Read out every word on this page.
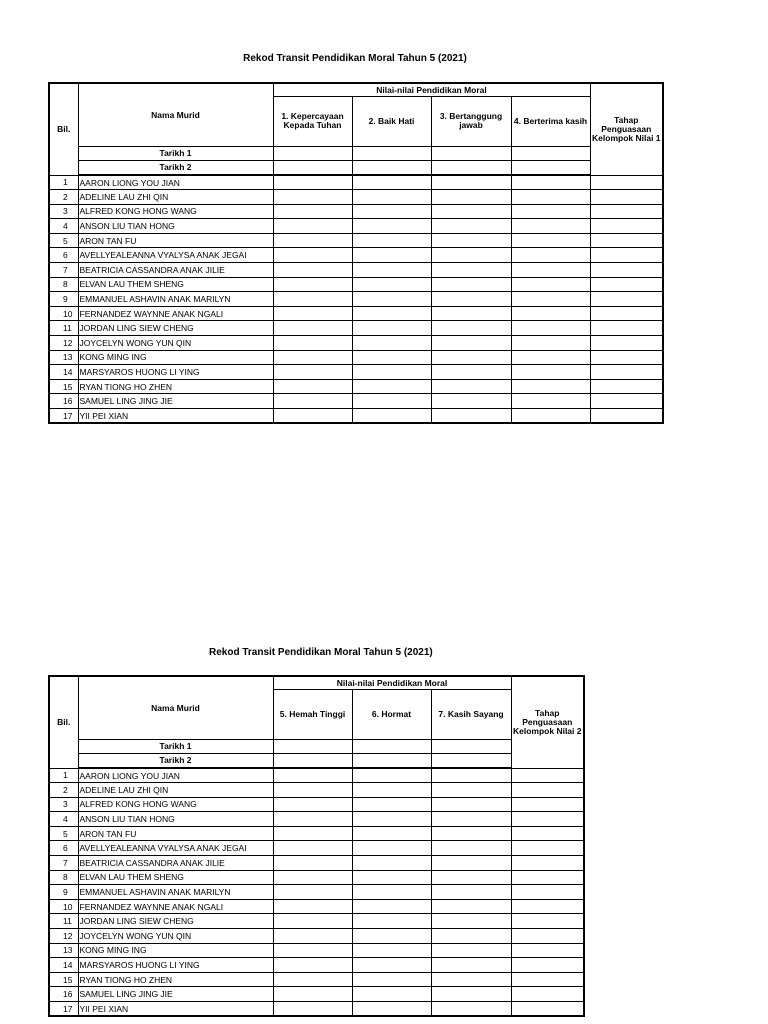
Rekod Transit Pendidikan Moral Tahun 5 (2021)
Bil.	Nama Murid	Nilai-nilai Pendidikan Moral				Tahap Penguasaan Kelompok Nilai 1
		1. Kepercayaan Kepada Tuhan	2. Baik Hati	3. Bertanggung jawab	4. Berterima kasih	
	Tarikh 1					
	Tarikh 2					
1	AARON LIONG YOU JIAN					
2	ADELINE LAU ZHI QIN					
3	ALFRED KONG HONG WANG					
4	ANSON LIU TIAN HONG					
5	ARON TAN FU					
6	AVELLYEALEANNA VYALYSA ANAK JEGAI					
7	BEATRICIA CASSANDRA ANAK JILIE					
8	ELVAN LAU THEM SHENG					
9	EMMANUEL ASHAVIN ANAK MARILYN					
10	FERNANDEZ WAYNNE ANAK NGALI					
11	JORDAN LING SIEW CHENG					
12	JOYCELYN WONG YUN QIN					
13	KONG MING ING					
14	MARSYAROS HUONG LI YING					
15	RYAN TIONG HO ZHEN					
16	SAMUEL LING JING JIE					
17	YII PEI XIAN					
Rekod Transit Pendidikan Moral Tahun 5 (2021)
Bil.	Nama Murid	Nilai-nilai Pendidikan Moral			Tahap Penguasaan Kelompok Nilai 2
		5. Hemah Tinggi	6. Hormat	7. Kasih Sayang	
	Tarikh 1				
	Tarikh 2				
1	AARON LIONG YOU JIAN				
2	ADELINE LAU ZHI QIN				
3	ALFRED KONG HONG WANG				
4	ANSON LIU TIAN HONG				
5	ARON TAN FU				
6	AVELLYEALEANNA VYALYSA ANAK JEGAI				
7	BEATRICIA CASSANDRA ANAK JILIE				
8	ELVAN LAU THEM SHENG				
9	EMMANUEL ASHAVIN ANAK MARILYN				
10	FERNANDEZ WAYNNE ANAK NGALI				
11	JORDAN LING SIEW CHENG				
12	JOYCELYN WONG YUN QIN				
13	KONG MING ING				
14	MARSYAROS HUONG LI YING				
15	RYAN TIONG HO ZHEN				
16	SAMUEL LING JING JIE				
17	YII PEI XIAN				
